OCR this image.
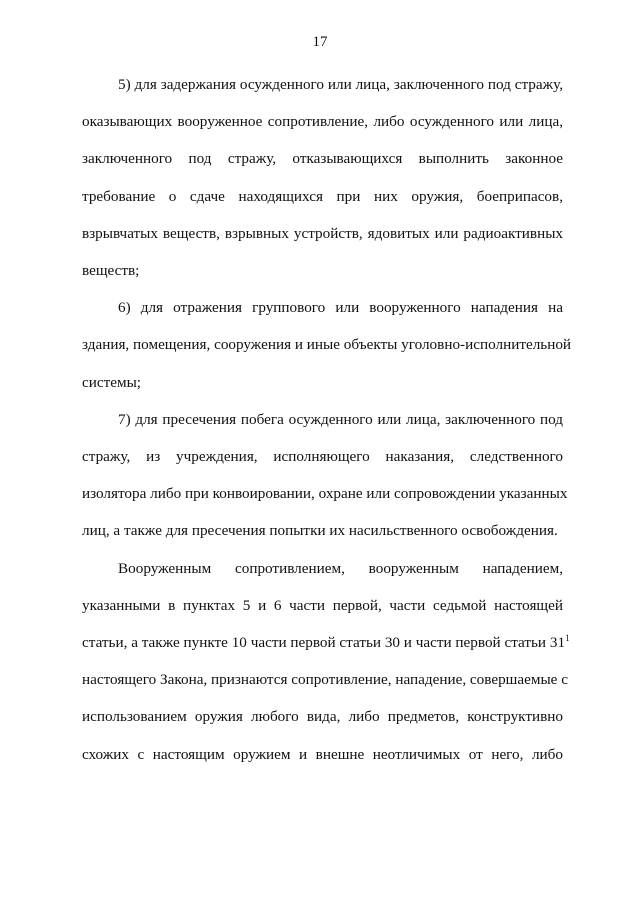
17
5) для задержания осужденного или лица, заключенного под стражу,
оказывающих вооруженное сопротивление, либо осужденного или лица,
заключенного под стражу, отказывающихся выполнить законное
требование о сдаче находящихся при них оружия, боеприпасов,
взрывчатых веществ, взрывных устройств, ядовитых или радиоактивных
веществ;
6) для отражения группового или вооруженного нападения на
здания, помещения, сооружения и иные объекты уголовно-исполнительной
системы;
7) для пресечения побега осужденного или лица, заключенного под
стражу, из учреждения, исполняющего наказания, следственного
изолятора либо при конвоировании, охране или сопровождении указанных
лиц, а также для пресечения попытки их насильственного освобождения.
Вооруженным сопротивлением, вооруженным нападением,
указанными в пунктах 5 и 6 части первой, части седьмой настоящей
статьи, а также пункте 10 части первой статьи 30 и части первой статьи $31^1$
настоящего Закона, признаются сопротивление, нападение, совершаемые с
использованием оружия любого вида, либо предметов, конструктивно
схожих с настоящим оружием и внешне неотличимых от него, либо
